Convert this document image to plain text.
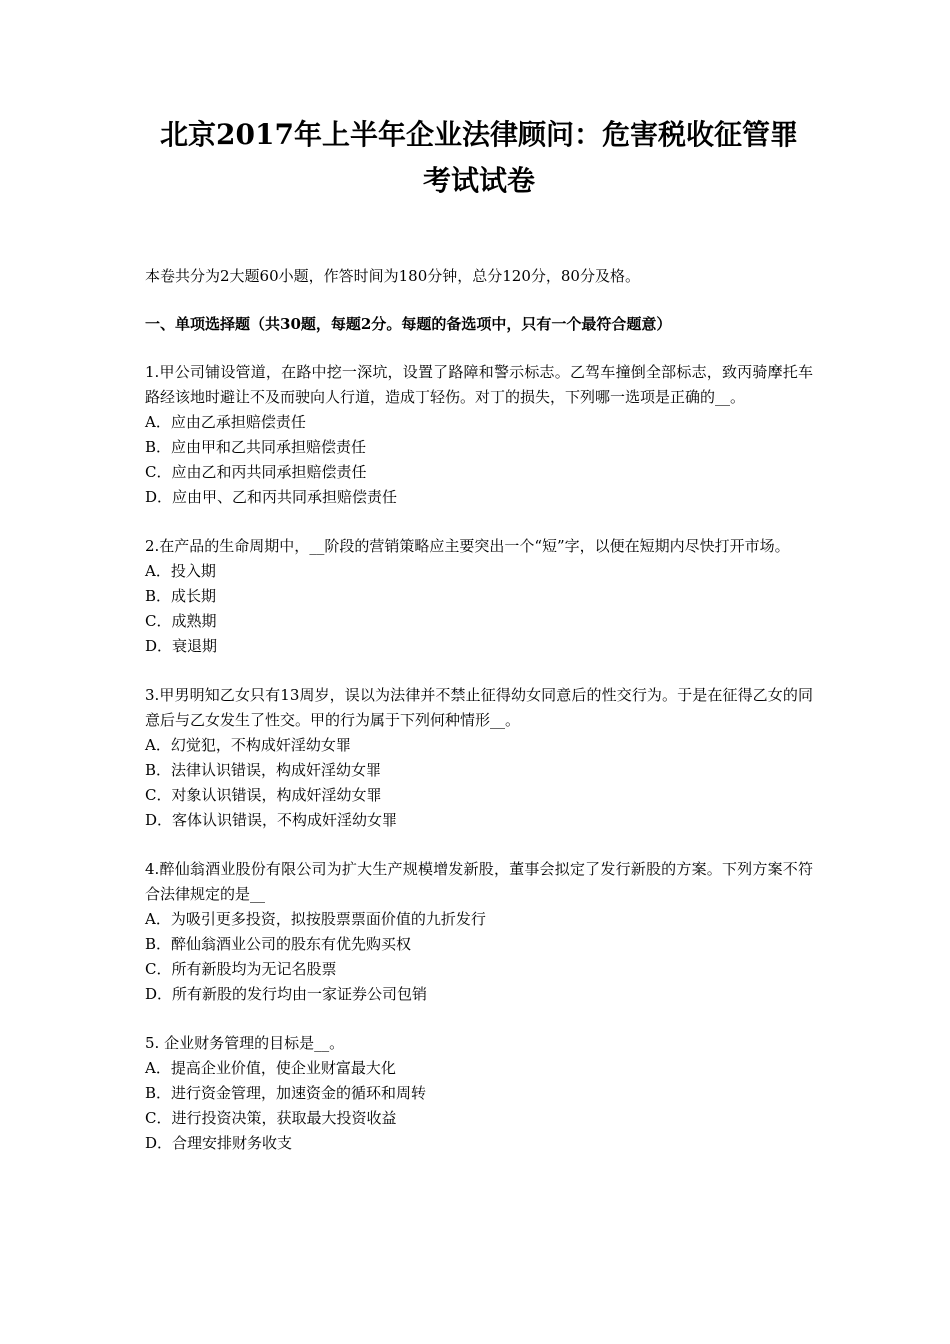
北京2017年上半年企业法律顾问：危害税收征管罪
考试试卷
本卷共分为2大题60小题，作答时间为180分钟，总分120分，80分及格。
一、单项选择题（共30题，每题2分。每题的备选项中，只有一个最符合题意）
1.甲公司铺设管道，在路中挖一深坑，设置了路障和警示标志。乙驾车撞倒全部标志，致丙骑摩托车路经该地时避让不及而驶向人行道，造成丁轻伤。对丁的损失，下列哪一选项是正确的__。
A．应由乙承担赔偿责任
B．应由甲和乙共同承担赔偿责任
C．应由乙和丙共同承担赔偿责任
D．应由甲、乙和丙共同承担赔偿责任
2.在产品的生命周期中，__阶段的营销策略应主要突出一个“短”字，以便在短期内尽快打开市场。
A．投入期
B．成长期
C．成熟期
D．衰退期
3.甲男明知乙女只有13周岁，误以为法律并不禁止征得幼女同意后的性交行为。于是在征得乙女的同意后与乙女发生了性交。甲的行为属于下列何种情形__。
A．幻觉犯，不构成奸淫幼女罪
B．法律认识错误，构成奸淫幼女罪
C．对象认识错误，构成奸淫幼女罪
D．客体认识错误，不构成奸淫幼女罪
4.醉仙翁酒业股份有限公司为扩大生产规模增发新股，董事会拟定了发行新股的方案。下列方案不符合法律规定的是__
A．为吸引更多投资，拟按股票票面价值的九折发行
B．醉仙翁酒业公司的股东有优先购买权
C．所有新股均为无记名股票
D．所有新股的发行均由一家证券公司包销
5. 企业财务管理的目标是__。
A．提高企业价值，使企业财富最大化
B．进行资金管理，加速资金的循环和周转
C．进行投资决策，获取最大投资收益
D．合理安排财务收支
